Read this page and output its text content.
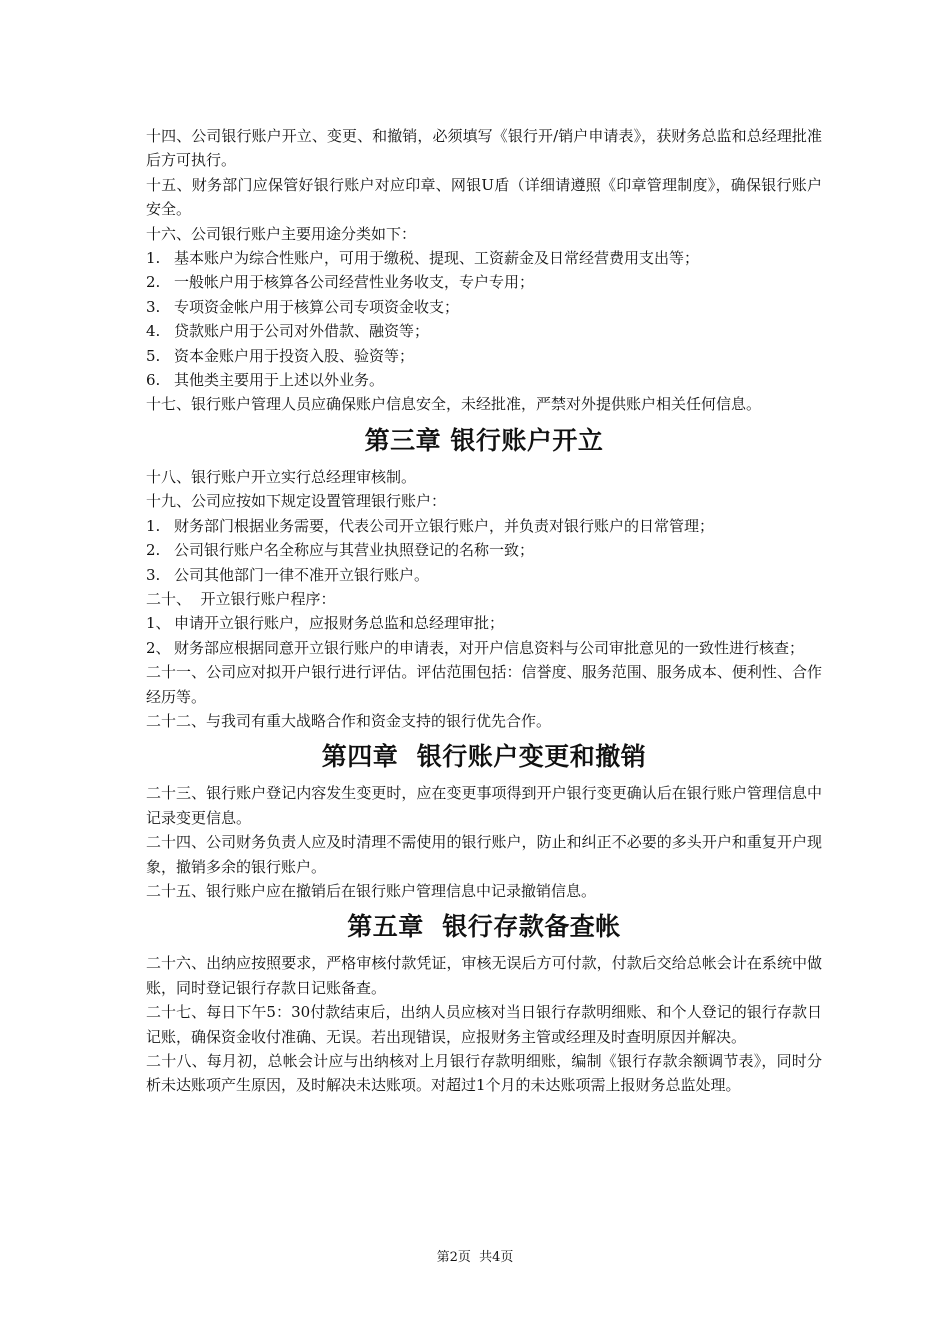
十四、公司银行账户开立、变更、和撤销，必须填写《银行开/销户申请表》，获财务总监和总经理批准后方可执行。

十五、财务部门应保管好银行账户对应印章、网银U盾（详细请遵照《印章管理制度》，确保银行账户安全。

十六、公司银行账户主要用途分类如下：

1. 基本账户为综合性账户，可用于缴税、提现、工资薪金及日常经营费用支出等；
2. 一般帐户用于核算各公司经营性业务收支，专户专用；
3. 专项资金帐户用于核算公司专项资金收支；
4. 贷款账户用于公司对外借款、融资等；
5. 资本金账户用于投资入股、验资等；
6. 其他类主要用于上述以外业务。

十七、银行账户管理人员应确保账户信息安全，未经批准，严禁对外提供账户相关任何信息。

第三章 银行账户开立

十八、银行账户开立实行总经理审核制。

十九、公司应按如下规定设置管理银行账户：

1. 财务部门根据业务需要，代表公司开立银行账户，并负责对银行账户的日常管理；
2. 公司银行账户名全称应与其营业执照登记的名称一致；
3. 公司其他部门一律不准开立银行账户。

二十、  开立银行账户程序：

1、 申请开立银行账户，应报财务总监和总经理审批；
2、 财务部应根据同意开立银行账户的申请表，对开户信息资料与公司审批意见的一致性进行核查；

二十一、公司应对拟开户银行进行评估。评估范围包括：信誉度、服务范围、服务成本、便利性、合作经历等。

二十二、与我司有重大战略合作和资金支持的银行优先合作。

第四章  银行账户变更和撤销

二十三、银行账户登记内容发生变更时，应在变更事项得到开户银行变更确认后在银行账户管理信息中记录变更信息。

二十四、公司财务负责人应及时清理不需使用的银行账户，防止和纠正不必要的多头开户和重复开户现象，撤销多余的银行账户。

二十五、银行账户应在撤销后在银行账户管理信息中记录撤销信息。

第五章  银行存款备查帐

二十六、出纳应按照要求，严格审核付款凭证，审核无误后方可付款，付款后交给总帐会计在系统中做账，同时登记银行存款日记账备查。

二十七、每日下午5：30付款结束后，出纳人员应核对当日银行存款明细账、和个人登记的银行存款日记账，确保资金收付准确、无误。若出现错误，应报财务主管或经理及时查明原因并解决。

二十八、每月初，总帐会计应与出纳核对上月银行存款明细账，编制《银行存款余额调节表》，同时分析未达账项产生原因，及时解决未达账项。对超过1个月的未达账项需上报财务总监处理。

第2页  共4页
